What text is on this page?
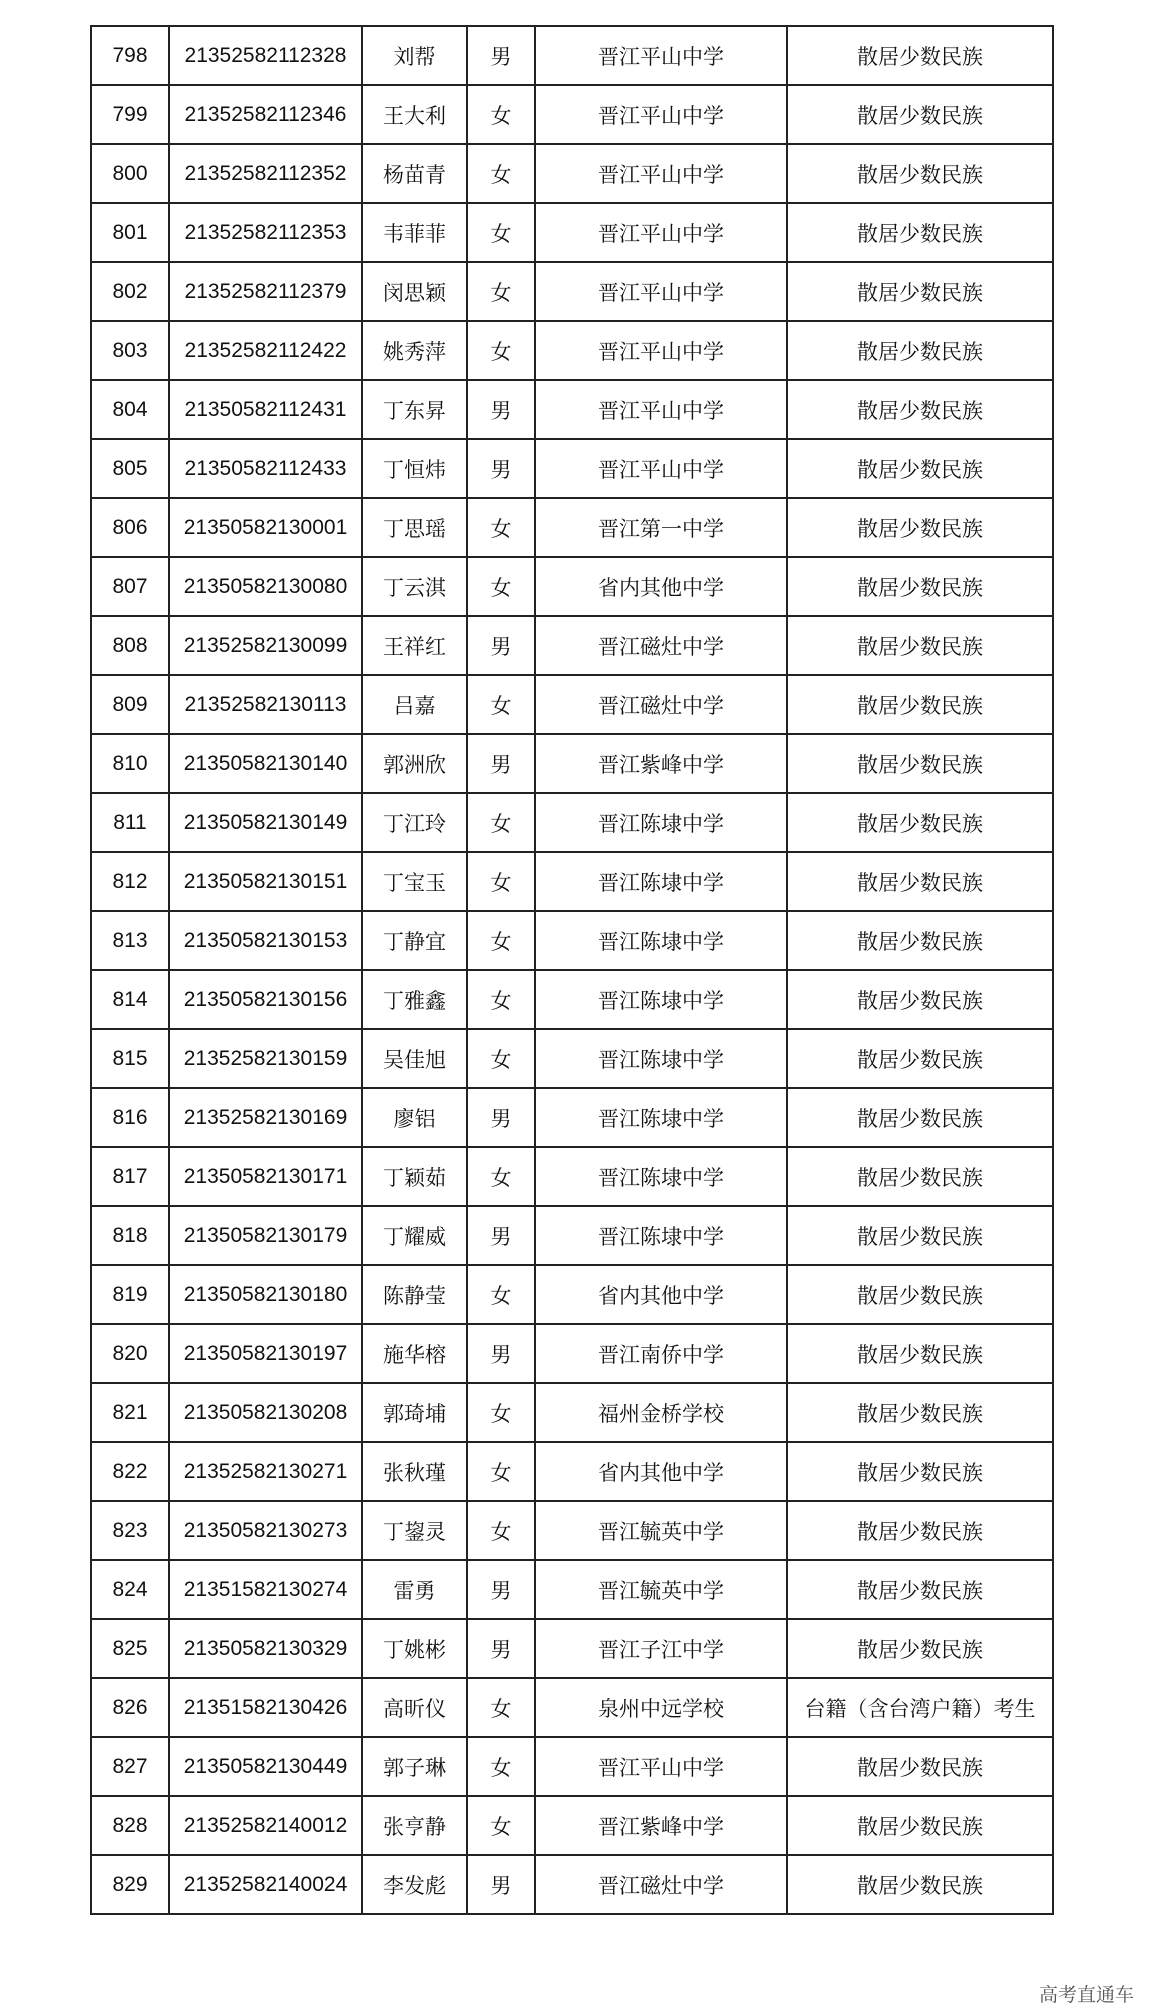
798	21352582112328	刘帮	男	晋江平山中学	散居少数民族
799	21352582112346	王大利	女	晋江平山中学	散居少数民族
800	21352582112352	杨苗青	女	晋江平山中学	散居少数民族
801	21352582112353	韦菲菲	女	晋江平山中学	散居少数民族
802	21352582112379	闵思颖	女	晋江平山中学	散居少数民族
803	21352582112422	姚秀萍	女	晋江平山中学	散居少数民族
804	21350582112431	丁东昇	男	晋江平山中学	散居少数民族
805	21350582112433	丁恒炜	男	晋江平山中学	散居少数民族
806	21350582130001	丁思瑶	女	晋江第一中学	散居少数民族
807	21350582130080	丁云淇	女	省内其他中学	散居少数民族
808	21352582130099	王祥红	男	晋江磁灶中学	散居少数民族
809	21352582130113	吕嘉	女	晋江磁灶中学	散居少数民族
810	21350582130140	郭洲欣	男	晋江紫峰中学	散居少数民族
811	21350582130149	丁江玲	女	晋江陈埭中学	散居少数民族
812	21350582130151	丁宝玉	女	晋江陈埭中学	散居少数民族
813	21350582130153	丁静宜	女	晋江陈埭中学	散居少数民族
814	21350582130156	丁雅鑫	女	晋江陈埭中学	散居少数民族
815	21352582130159	吴佳旭	女	晋江陈埭中学	散居少数民族
816	21352582130169	廖铝	男	晋江陈埭中学	散居少数民族
817	21350582130171	丁颖茹	女	晋江陈埭中学	散居少数民族
818	21350582130179	丁耀威	男	晋江陈埭中学	散居少数民族
819	21350582130180	陈静莹	女	省内其他中学	散居少数民族
820	21350582130197	施华榕	男	晋江南侨中学	散居少数民族
821	21350582130208	郭琦埔	女	福州金桥学校	散居少数民族
822	21352582130271	张秋瑾	女	省内其他中学	散居少数民族
823	21350582130273	丁鋆灵	女	晋江毓英中学	散居少数民族
824	21351582130274	雷勇	男	晋江毓英中学	散居少数民族
825	21350582130329	丁姚彬	男	晋江子江中学	散居少数民族
826	21351582130426	高昕仪	女	泉州中远学校	台籍（含台湾户籍）考生
827	21350582130449	郭子琳	女	晋江平山中学	散居少数民族
828	21352582140012	张亨静	女	晋江紫峰中学	散居少数民族
829	21352582140024	李发彪	男	晋江磁灶中学	散居少数民族
高考直通车
